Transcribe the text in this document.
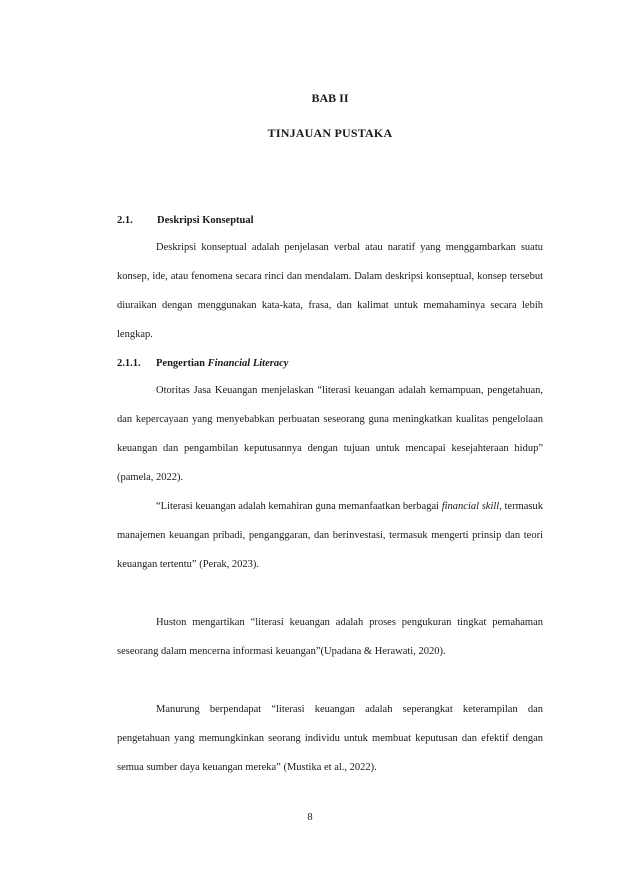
BAB II

TINJAUAN PUSTAKA

2.1. Deskripsi Konseptual

Deskripsi konseptual adalah penjelasan verbal atau naratif yang menggambarkan suatu konsep, ide, atau fenomena secara rinci dan mendalam. Dalam deskripsi konseptual, konsep tersebut diuraikan dengan menggunakan kata-kata, frasa, dan kalimat untuk memahaminya secara lebih lengkap.

2.1.1. Pengertian Financial Literacy

Otoritas Jasa Keuangan menjelaskan “literasi keuangan adalah kemampuan, pengetahuan, dan kepercayaan yang menyebabkan perbuatan seseorang guna meningkatkan kualitas pengelolaan keuangan dan pengambilan keputusannya dengan tujuan untuk mencapai kesejahteraan hidup” (pamela, 2022).

“Literasi keuangan adalah kemahiran guna memanfaatkan berbagai financial skill, termasuk manajemen keuangan pribadi, penganggaran, dan berinvestasi, termasuk mengerti prinsip dan teori keuangan tertentu” (Perak, 2023).

Huston mengartikan “literasi keuangan adalah proses pengukuran tingkat pemahaman seseorang dalam mencerna informasi keuangan”(Upadana & Herawati, 2020).

Manurung berpendapat “literasi keuangan adalah seperangkat keterampilan dan pengetahuan yang memungkinkan seorang individu untuk membuat keputusan dan efektif dengan semua sumber daya keuangan mereka” (Mustika et al., 2022).

8
